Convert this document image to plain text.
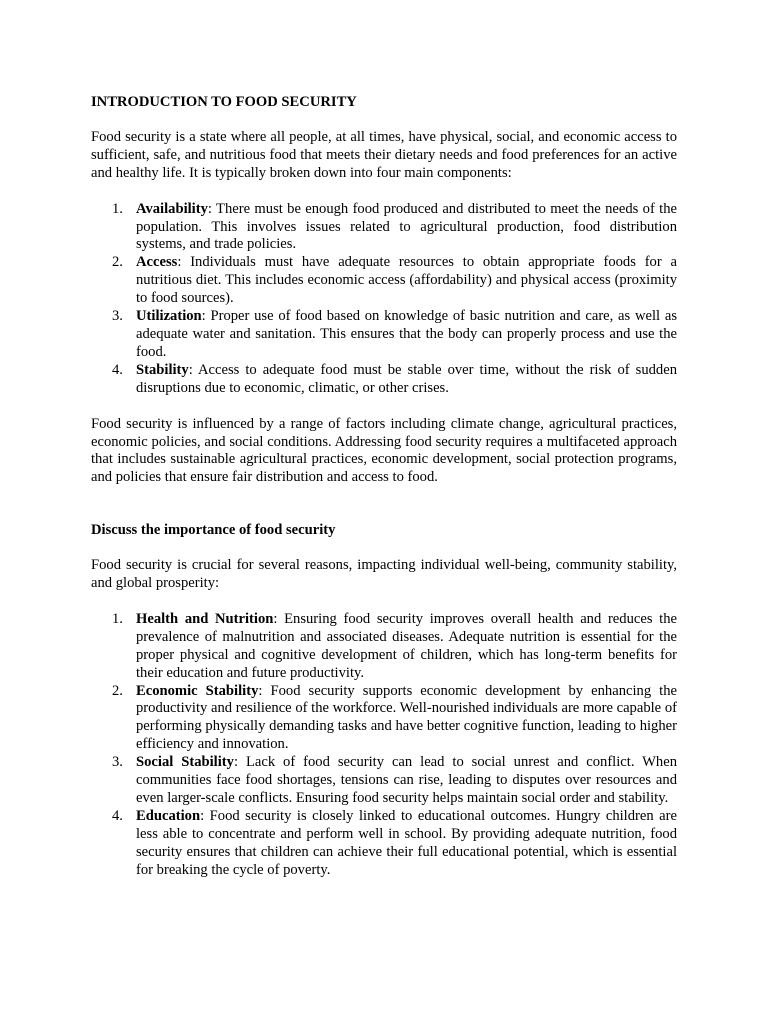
INTRODUCTION TO FOOD SECURITY

Food security is a state where all people, at all times, have physical, social, and economic access to sufficient, safe, and nutritious food that meets their dietary needs and food preferences for an active and healthy life. It is typically broken down into four main components:

1. Availability: There must be enough food produced and distributed to meet the needs of the population. This involves issues related to agricultural production, food distribution systems, and trade policies.
2. Access: Individuals must have adequate resources to obtain appropriate foods for a nutritious diet. This includes economic access (affordability) and physical access (proximity to food sources).
3. Utilization: Proper use of food based on knowledge of basic nutrition and care, as well as adequate water and sanitation. This ensures that the body can properly process and use the food.
4. Stability: Access to adequate food must be stable over time, without the risk of sudden disruptions due to economic, climatic, or other crises.

Food security is influenced by a range of factors including climate change, agricultural practices, economic policies, and social conditions. Addressing food security requires a multifaceted approach that includes sustainable agricultural practices, economic development, social protection programs, and policies that ensure fair distribution and access to food.

Discuss the importance of food security

Food security is crucial for several reasons, impacting individual well-being, community stability, and global prosperity:

1. Health and Nutrition: Ensuring food security improves overall health and reduces the prevalence of malnutrition and associated diseases. Adequate nutrition is essential for the proper physical and cognitive development of children, which has long-term benefits for their education and future productivity.
2. Economic Stability: Food security supports economic development by enhancing the productivity and resilience of the workforce. Well-nourished individuals are more capable of performing physically demanding tasks and have better cognitive function, leading to higher efficiency and innovation.
3. Social Stability: Lack of food security can lead to social unrest and conflict. When communities face food shortages, tensions can rise, leading to disputes over resources and even larger-scale conflicts. Ensuring food security helps maintain social order and stability.
4. Education: Food security is closely linked to educational outcomes. Hungry children are less able to concentrate and perform well in school. By providing adequate nutrition, food security ensures that children can achieve their full educational potential, which is essential for breaking the cycle of poverty.
